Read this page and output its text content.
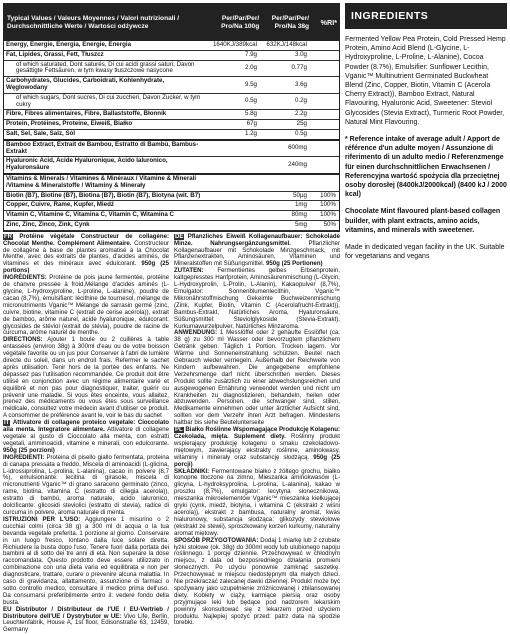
Typical Values / Valeurs Moyennes / Valori nutrizionali / Durchschnittliche Werte / Wartości odżywcze
Per/Par/Per/ Pro/Na 100g
Per/Par/Per/ Pro/Na 38g	%RI*
Energy, Energie, Energia, Energie, Energia	1640KJ/389kcal	632KJ/148kcal
Fat, Lipides, Grassi, Fett, Tłuszcz	7.9g	3.0g
of which saturated, Dont saturés, Di cui acidi grassi saturi, Davon gesättigte Fettsäuren, w tym kwasy tłuszczowe nasycone	2.0g	0.77g
Carbohydrates, Glucides, Carboidrati, Kohlenhydrate, Węglowodany	9.5g	3.6g
of which sugars, Dont sucres, Di cui zuccheri, Davon Zucker, w tym cukry	0.5g	0.2g
Fibre, Fibres alimentaires, Fibre, Ballaststoffe, Błonnik	5.8g	2.2g
Protein, Protéines, Proteine, Eiweiß, Białko	67g	25g
Salt, Sel, Sale, Salz, Sól	1.2g	0.5g
Bamboo Extract, Extrait de Bambou, Estratto di Bambù, Bambus-Extrakt	600mg
Hyaluronic Acid, Acide Hyaluronique, Acido Ialuronico, Hyaluronsäure	240mg
Vitamins & Minerals / Vitamines & Minéraux / Vitamine & Minerali /Vitamine & Mineralstoffe / Witaminy & Minerały
Biotin (B7), Biotine (B7), Biotina (B7), Biotin (B7), Biotyna (wit. B7)	50µg	100%
Copper, Cuivre, Rame, Kupfer, Miedź	1mg	100%
Vitamin C, Vitamine C, Vitamina C, Vitamin C, Witamina C	80mg	100%
Zinc, Zinc, Zinco, Zink, Cynk	5mg	50%

FR Protéine végétale Constructeur de collagène: Chocolat Menthe. Complément Alimentaire. Constructeur de collagène à base de plantes aromatisé à la Chocolat Menthe, avec des extraits de plantes, d'acides aminés, de vitamines et des minéraux avec édulcorant. 950g (25 portions)

INGRÉDIENTS: Protéine de pois jaune fermentée, protéine de chanvre pressée à froid,Mélange d'acides aminés (L-glycine, L-hydroxyproline, L-proline, L-alanine), poudre de cacao (8,7%), émulsifiant: lécithine de tournesol, mélange de micronutriments Vganic™ Mélange de sarrasin germé (zinc, cuivre, biotine, vitamine C (extrait de cerise acérola)), extrait de bamboo, arôme naturel, acide hyaluronique, édulcorant: glycosides de stéviol (extrait de stévia), poudre de racine de curcuma, arôme naturel de menthe.

DIRECTIONS: Ajouter 1 boule ou 2 cuillères à table entassées (environ 38g) à 300ml d'eau ou de votre boisson végétale favorite ou un jus pour Conserver à l'abri de lumière directe du soleil, dans un endroit frais. Refermer le sachet après utilisation. Tenir hors de la portée des enfants. Ne dépassez pas l'utilisation recommandée. Ce produit doit être utilisé en conjonction avec un régime alimentaire varié et équilibré et non pas pour diagnostiquer, traiter, guérir ou prévenir une maladie. Si vous êtes enceinte, vous allaitez, prenez des médicaments ou vous êtes sous surveillance médicale, consultez votre médecin avant d'utiliser ce produit. A consommer de préférence avant le, voir le bas du sachet

IT Attivatore di collagene proteico vegetale: Cioccolato alla menta. Integratore alimentare. Attivatore di collagene vegetale al gusto di Cioccolato alla menta, con estratti vegetali, amminoacidi, vitamine e minerali, con edulcorante. 950g (25 porzioni)

INGREDIENTI: Proteina di pisello giallo fermentata, proteina di canapa pressata a freddo, Miscela di aminoacidi (L-glicina, L-idrossiprolina, L-prolina, L-alanina), cacao in polvere (8,7 %), emulsionante: lecitina di girasole, miscela di micronutrienti Vganic™ di grano saraceno germinato (zinco, rame, biotina, vitamina C (estratto di ciliegia acerola)), estratto di bambù, aroma naturale, acido ialuronico, dolcificante: glicosidi steviolici (estratto di stevia), radice di curcuma in polvere, aroma naturale di menta.

ISTRUZIONI PER L'USO: Aggiungere 1 misurino o 2 cucchiai colmi (circa 38 g) a 300 ml di acqua o la tua bevanda vegetale preferita. 1 porzione al giorno. Conservare in un luogo fresco, lontano dalla luce solare diretta. Richiudere la busta dopo l'uso. Tenere fuori dalla portata dei bambini al di sotto dei tre anni di età. Non superare la dose raccomandata. Questo prodotto deve essere utilizzato in combinazione con una dieta varia ed equilibrata e non per diagnosticare, trattare, curare o prevenire alcuna malattia. In caso di gravidanza, allattamento, assunzione di farmaci o sotto controllo medico, consultare il medico prima dell'uso. Da consumarsi preferibilmente entro il: vedere fondo della busta.

EU Distributor / Distributeur de l'UE / EU-Vertrieb / Distributore dell'UE / Dystrybutor w UE: Vivo Life, Berlin, Leuchtenfabrik, House A, 1st floor, Edisonstraße 63, 12459, Germany

DE Pflanzliches Eiweiß Kollagenaufbauer: Schokolade Minze. Nahrungsergänzungsmittel. Pflanzlicher Kollagenaufbauer mit Schokolade Minzgeschmack, mit Pflanzenextrakten, Aminosäuren, Vitaminen und Mineralstoffen mit Süßungsmittel. 950g (25 Portionen)

ZUTATEN: Fermentiertes gelbes Erbsenprotein, kaltgepresstes Hanfprotein, Aminosäurenmischung (L-Glycin, L-Hydroxyprolin, L-Prolin, L-Alanin), Kakaopulver (8,7%), Emulgator: Sonnenblumenlecithin, Vganic™ Mikronährstoffmischung Gekeimte Buchweizenmischung (Zink, Kupfer, Biotin, Vitamin C (Acerolafrucht-Extrakt)), Bambus-Extrakt, Natürliches Aroma, Hyaluronsäure, Süßungsmittel: Steviolglykoside (Stevia-Extrakt), Kurkumawurzelpulver, Natürliches Minzaroma.

ANWENDUNG: 1 Messlöffel oder 2 gehäufte Esslöffel (ca. 38 g) zu 300 ml Wasser oder bevorzugtem pflanzlichem Getränk geben. Täglich 1 Portion. Trocken lagern. Vor Wärme und Sonneneinstrahlung schützen. Beutel nach Gebrauch wieder verriegeln. Außerhalb der Reichweite von Kindern aufbewahren. Die angegebene empfohlene Verzehrsmenge darf nicht überschritten werden. Dieses Produkt sollte zusätzlich zu einer abwechslungsreichen und ausgewogenen Ernährung verwendet werden und nicht um Krankheiten zu diagnostizieren, behandeln, heilen oder abzuwenden. Personen, die schwanger sind, stillen, Medikamente einnehmen oder unter ärztlicher Aufsicht sind, sollten vor dem Verzehr ihren Arzt befragen. Mindestens haltbar bis siehe Beutelunterseite

PL Białko Roślinne Wspomagające Produkcję Kolagenu: Czekolada, mięta. Suplement diety. Roślinny produkt wspierający produkcję kolagenu o smaku czekoladowo-miętowym, zawierający ekstrakty roślinne, aminokwasy, witaminy i minerały oraz substancję słodzącą. 950g (25 porcji)

SKŁADNIKI: Fermentowane białko z żółtego grochu, białko konopne tłoczone na zimno, Mieszanka aminokwasów (L-glicyna, L-hydroksyprolina, L-prolina, L-alanina), kakao w proszku (8,7%), emulgator: lecytyna słonecznikowa, mieszanka mikroelementów Vganic™ mieszanka kiełkującej gryki (cynk, miedź, biotyna, i witamina C (ekstrakt z wiśni acerola)), ekstrakt z bambusa, naturalny aromat, kwas hialuronowy, substancja słodząca: glikozydy stewiolowe (ekstrakt ze stewii), sproszkowany korzeń kurkumy, naturalny aromat miętowy.

SPOSÓB PRZYGOTOWANIA: Dodaj 1 miarkę lub 2 czubate łyżki stołowe (ok. 38g) do 300ml wody lub ulubionego napoju roślinnego. 1 porcję dziennie. Przechowywać w chłodnym miejscu, z dala od bezpośredniego działania promieni słonecznych. Po użyciu ponownie zamknąć saszetkę. Przechowywać w miejscu niedostępnym dla małych dzieci. Nie przekraczać zalecanej dawki dziennej. Produkt może być spożywany jako uzupełnienie zróżnicowanej i zbilansowanej diety. Kobiety w ciąży, karmiące piersią oraz osoby przyjmujące leki lub będące pod nadzorem lekarskim powinny skonsultować się z lekarzem przed użyciem produktu. Najlepiej spożyć przed: patrz data na spodzie torebki.

INGREDIENTS

Fermented Yellow Pea Protein, Cold Pressed Hemp Protein, Amino Acid Blend (L-Glycine, L-Hydroxyproline, L-Proline, L-Alanine), Cocoa Powder (8.7%), Emulsifier: Sunflower Lecithin, Vganic™ Multinutrient Germinated Buckwheat Blend (Zinc, Copper, Biotin, Vitamin C (Acerola Cherry Extract)), Bamboo Extract, Natural Flavouring, Hyaluronic Acid, Sweetener: Steviol Glycosides (Stevia Extract), Turmeric Root Powder, Natural Mint Flavouring.

* Reference intake of average adult / Apport de référence d'un adulte moyen / Assunzione di riferimento di un adulto medio / Referenzmenge für einen durchschnittlichen Erwachsenen / Referencyjna wartość spożycia dla przeciętnej osoby dorosłej (8400kJ/2000kcal) (8400 kJ / 2000 kcal)

Chocolate Mint flavoured plant-based collagen builder, with plant extracts, amino acids, vitamins, and minerals with sweetener.

Made in dedicated vegan facility in the UK. Suitable for vegetarians and vegans
